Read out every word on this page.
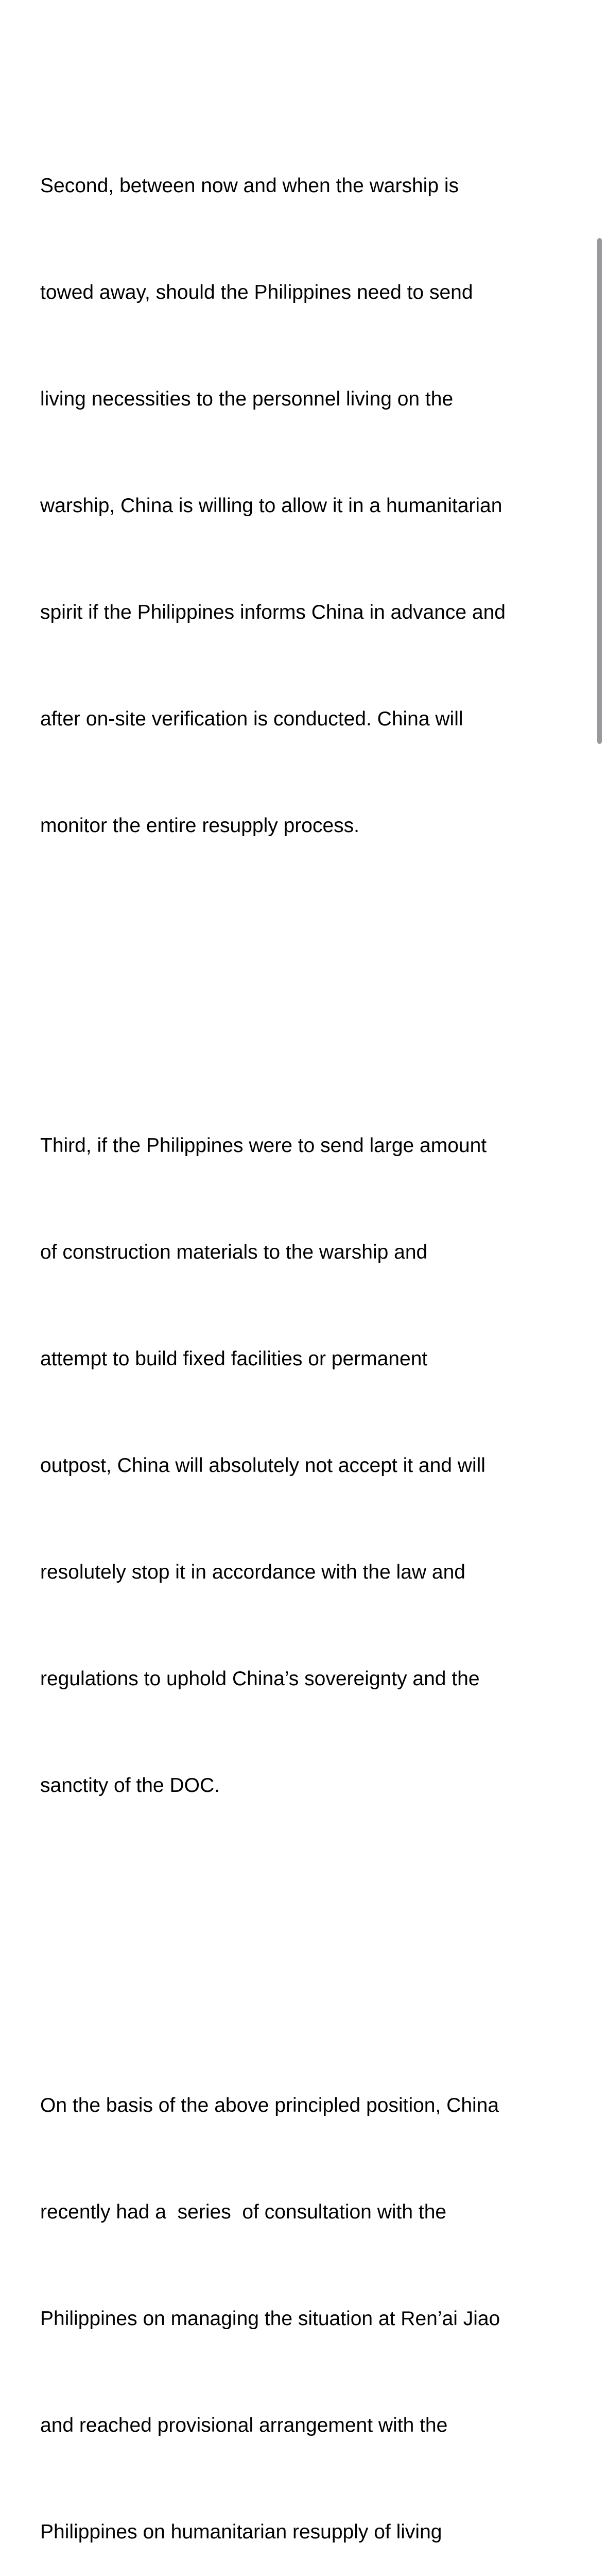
Second, between now and when the warship is

towed away, should the Philippines need to send

living necessities to the personnel living on the

warship, China is willing to allow it in a humanitarian

spirit if the Philippines informs China in advance and

after on-site verification is conducted. China will

monitor the entire resupply process.

Third, if the Philippines were to send large amount

of construction materials to the warship and

attempt to build fixed facilities or permanent

outpost, China will absolutely not accept it and will

resolutely stop it in accordance with the law and

regulations to uphold China’s sovereignty and the

sanctity of the DOC.

On the basis of the above principled position, China

recently had a  series  of consultation with the

Philippines on managing the situation at Ren’ai Jiao

and reached provisional arrangement with the

Philippines on humanitarian resupply of living
